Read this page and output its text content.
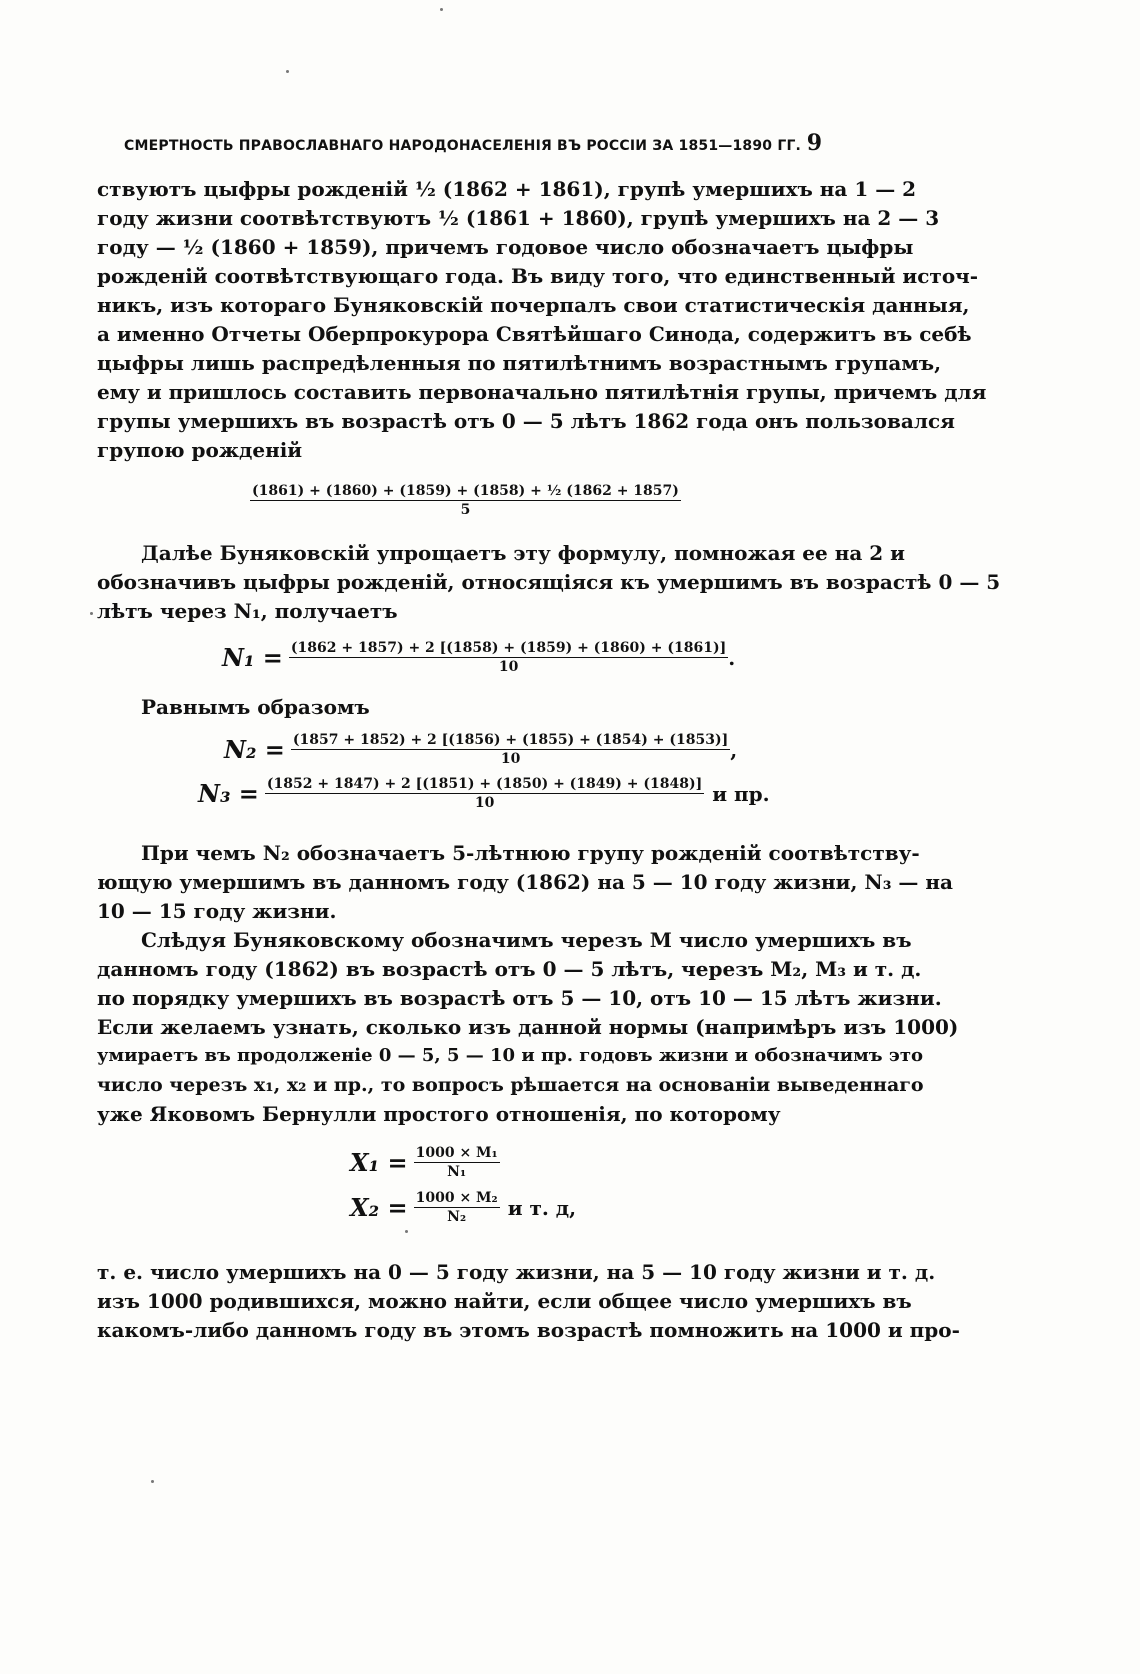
СМЕРТНОСТЬ ПРАВОСЛАВНАГО НАРОДОНАСЕЛЕНІЯ ВЪ РОССІИ ЗА 1851—1890 ГГ. 9
ствуютъ цыфры рожденій ½ (1862 + 1861), групѣ умершихъ на 1 — 2
году жизни соотвѣтствуютъ ½ (1861 + 1860), групѣ умершихъ на 2 — 3
году — ½ (1860 + 1859), причемъ годовое число обозначаетъ цыфры
рожденій соотвѣтствующаго года. Въ виду того, что единственный источ-
никъ, изъ котораго Буняковскій почерпалъ свои статистическія данныя,
а именно Отчеты Оберпрокурора Святѣйшаго Синода, содержитъ въ себѣ
цыфры лишь распредѣленныя по пятилѣтнимъ возрастнымъ групамъ,
ему и пришлось составить первоначально пятилѣтнія групы, причемъ для
групы умершихъ въ возрастѣ отъ 0 — 5 лѣтъ 1862 года онъ пользовался
групою рожденій
$\frac{\text{(1861) + (1860) + (1859) + (1858) + ½ (1862 + 1857)}}{5}$
Далѣе Буняковскій упрощаетъ эту формулу, помножая ее на 2 и
обозначивъ цыфры рожденій, относящіяся къ умершимъ въ возрастѣ 0 — 5
лѣтъ через N₁, получаетъ
$N_1 = \frac{(1862 + 1857) + 2 [(1858) + (1859) + (1860) + (1861)]}{10}$ .
Равнымъ образомъ
$N_2 = \frac{(1857 + 1852) + 2 [(1856) + (1855) + (1854) + (1853)]}{10}$ ,
$N_3 = \frac{(1852 + 1847) + 2 [(1851) + (1850) + (1849) + (1848)]}{10}$ и пр.
При чемъ N₂ обозначаетъ 5-лѣтнюю групу рожденій соотвѣтству-
ющую умершимъ въ данномъ году (1862) на 5 — 10 году жизни, N₃ — на
10 — 15 году жизни.
Слѣдуя Буняковскому обозначимъ черезъ M число умершихъ въ
данномъ году (1862) въ возрастѣ отъ 0 — 5 лѣтъ, черезъ M₂, M₃ и т. д.
по порядку умершихъ въ возрастѣ отъ 5 — 10, отъ 10 — 15 лѣтъ жизни.
Если желаемъ узнать, сколько изъ данной нормы (напримѣръ изъ 1000)
умираетъ въ продолженіе 0 — 5, 5 — 10 и пр. годовъ жизни и обозначимъ это
число черезъ x₁, x₂ и пр., то вопросъ рѣшается на основаніи выведеннаго
уже Яковомъ Бернулли простого отношенія, по которому
$X_1 = \frac{\text{1000 × M₁}}{\text{N₁}}$
$X_2 = \frac{\text{1000 × M₂}}{\text{N₂}}$ и т. д,
т. е. число умершихъ на 0 — 5 году жизни, на 5 — 10 году жизни и т. д.
изъ 1000 родившихся, можно найти, если общее число умершихъ въ
какомъ-либо данномъ году въ этомъ возрастѣ помножить на 1000 и про-
